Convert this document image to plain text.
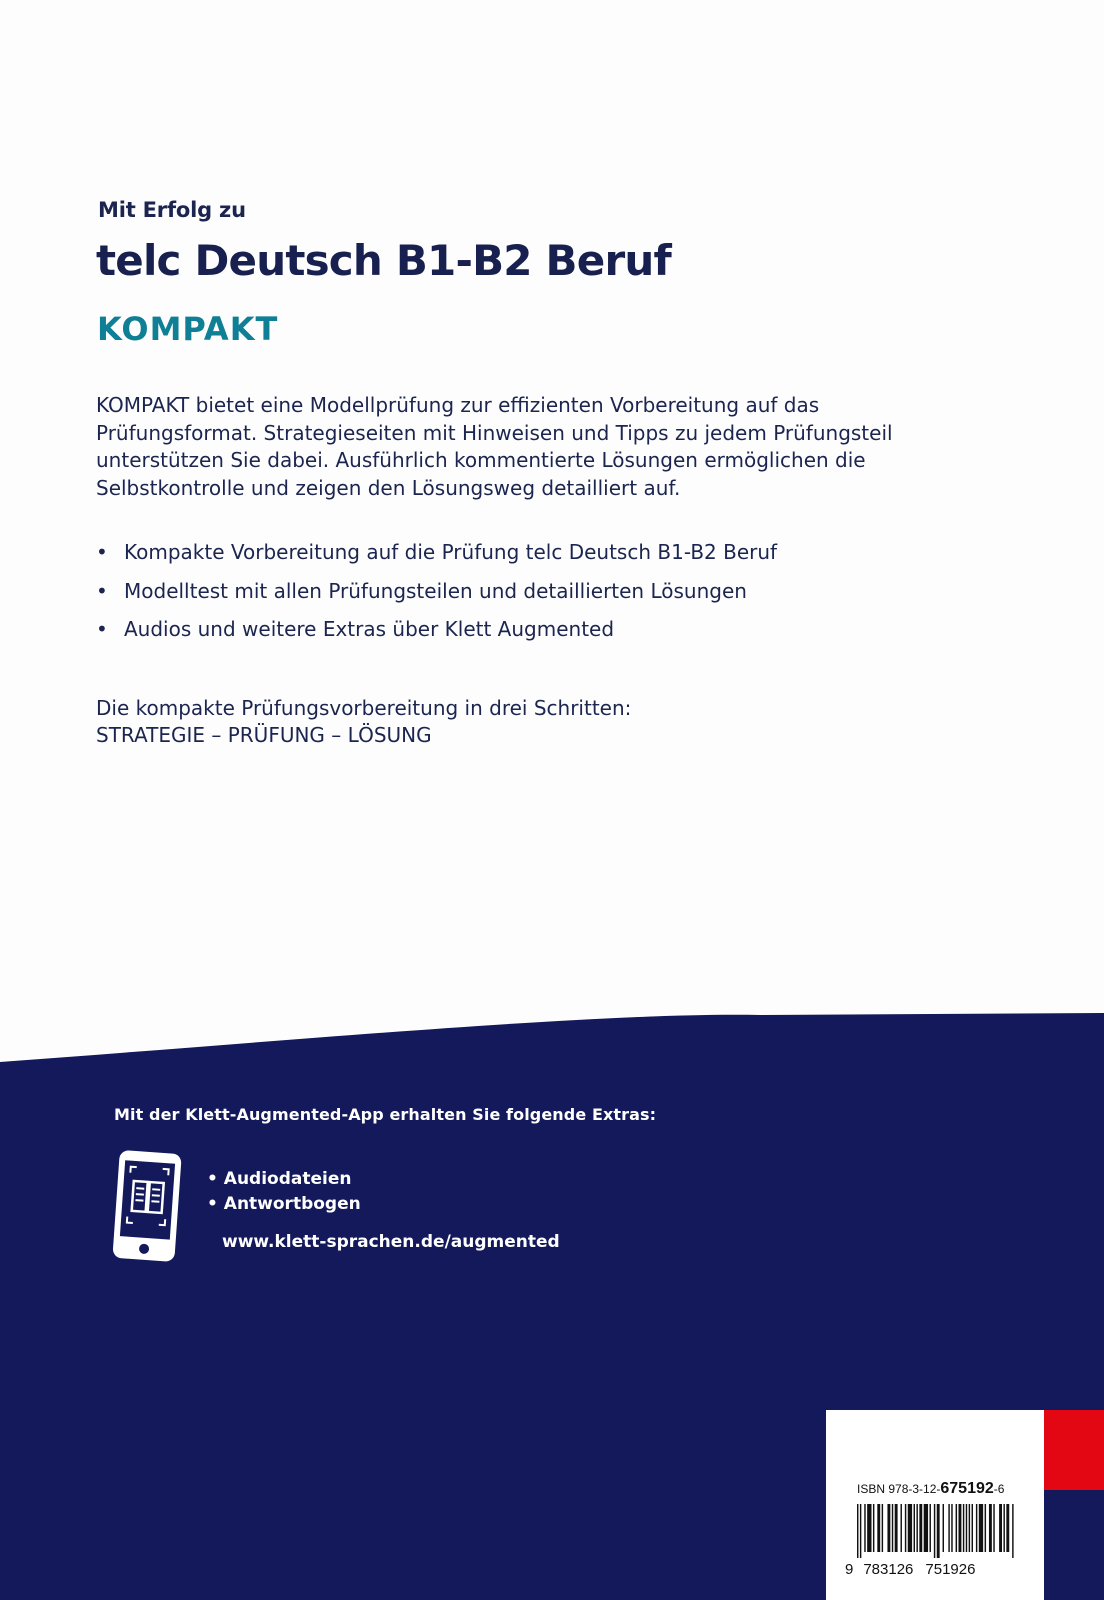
Mit Erfolg zu
telc Deutsch B1-B2 Beruf
KOMPAKT
KOMPAKT bietet eine Modellprüfung zur effizienten Vorbereitung auf das
Prüfungsformat. Strategieseiten mit Hinweisen und Tipps zu jedem Prüfungsteil
unterstützen Sie dabei. Ausführlich kommentierte Lösungen ermöglichen die
Selbstkontrolle und zeigen den Lösungsweg detailliert auf.
• Kompakte Vorbereitung auf die Prüfung telc Deutsch B1-B2 Beruf
• Modelltest mit allen Prüfungsteilen und detaillierten Lösungen
• Audios und weitere Extras über Klett Augmented
Die kompakte Prüfungsvorbereitung in drei Schritten:
STRATEGIE – PRÜFUNG – LÖSUNG
Mit der Klett-Augmented-App erhalten Sie folgende Extras:
• Audiodateien
• Antwortbogen
www.klett-sprachen.de/augmented
ISBN 978-3-12-675192-6
9 783126 751926
